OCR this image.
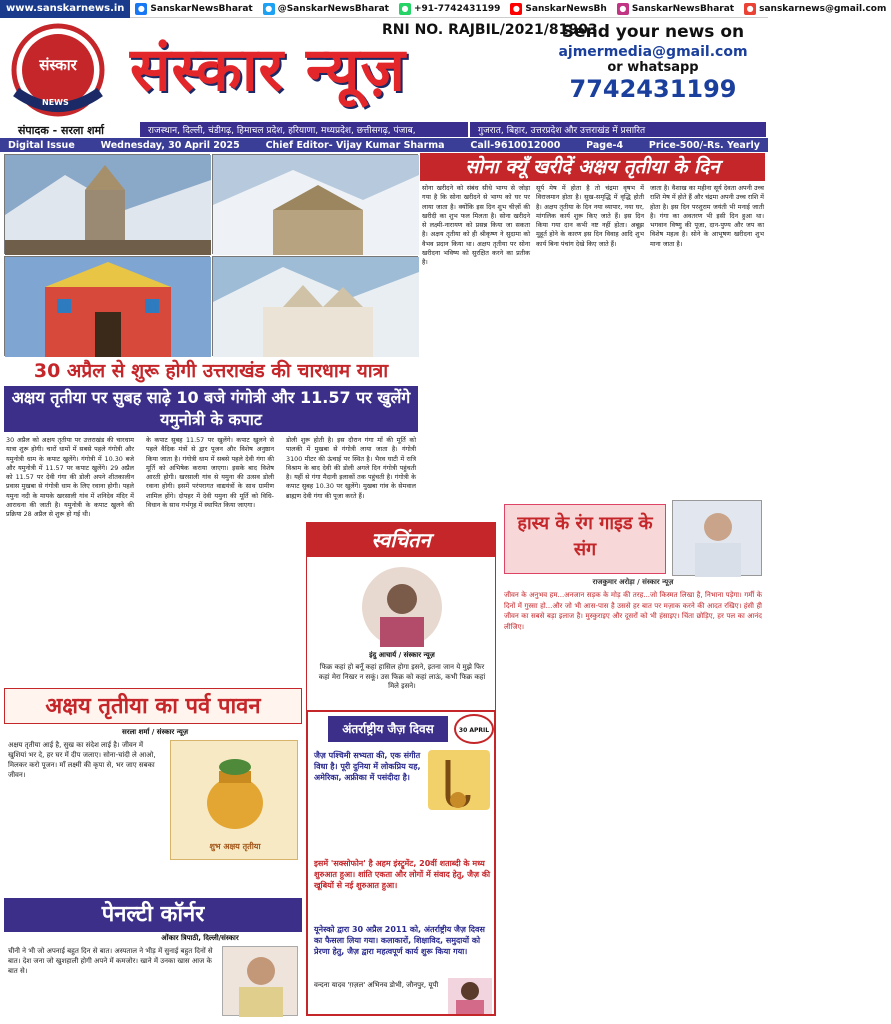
www.sanskarnews.in	● SanskarNewsBharat	● @SanskarNewsBharat	● +91-7742431199	● SanskarNewsBh	● SanskarNewsBharat	● sanskarnews@gmail.com
संस्कार
NEWS संस्कार न्यूज़
RNI NO. RAJBIL/2021/81903
Send your news on
ajmermedia@gmail.com
or whatsapp
7742431199
संपादक - सरला शर्मा	राजस्थान, दिल्ली, चंडीगढ़, हिमाचल प्रदेश, हरियाणा, मध्यप्रदेश, छत्तीसगढ़, पंजाब,	गुजरात, बिहार, उत्तरप्रदेश और उत्तराखंड में प्रसारित
Digital Issue	Wednesday, 30 April 2025	Chief Editor- Vijay Kumar Sharma	Call-9610012000	Page-4	Price-500/-Rs. Yearly
30 अप्रैल से शुरू होगी उत्तराखंड की चारधाम यात्रा
अक्षय तृतीया पर सुबह साढ़े 10 बजे गंगोत्री और 11.57 पर खुलेंगे यमुनोत्री के कपाट
30 अप्रैल को अक्षय तृतीया पर उत्तराखंड की चारधाम यात्रा शुरू होगी। चारों धामों में सबसे पहले गंगोत्री और यमुनोत्री धाम के कपाट खुलेंगे। गंगोत्री में 10.30 बजे और यमुनोत्री में 11.57 पर कपाट खुलेंगे। 29 अप्रैल को 11.57 पर देवी गंगा की डोली अपने शीतकालीन प्रवास मुखबा से गंगोत्री धाम के लिए रवाना होगी। पहले यमुना नदी के मायके खरसाली गांव में शनिदेव मंदिर में आराधना की जाती है। यमुनोत्री के कपाट खुलने की प्रक्रिया 28 अप्रैल से शुरू हो गई थी।
के कपाट सुबह 11.57 पर खुलेंगे। कपाट खुलने से पहले वैदिक मंत्रों से द्वार पूजन और विशेष अनुष्ठान किया जाता है। गंगोत्री धाम में सबसे पहले देवी गंगा की मूर्ति को अभिषेक कराया जाएगा। इसके बाद विशेष आरती होगी। खरसाली गांव से यमुना की उत्सव डोली रवाना होगी। इसमें परंपरागत वाद्ययंत्रों के साथ ग्रामीण शामिल होंगे। दोपहर में देवी यमुना की मूर्ति को विधि-विधान के साथ गर्भगृह में स्थापित किया जाएगा।
डोली शुरू होती है। इस दौरान गंगा माँ की मूर्ति को पालकी में मुखबा से गंगोत्री लाया जाता है। गंगोत्री 3100 मीटर की ऊंचाई पर स्थित है। भैरव घाटी में रात्रि विश्राम के बाद देवी की डोली अगले दिन गंगोत्री पहुंचती है। यहीं से गंगा मैदानी इलाकों तक पहुंचती है। गंगोत्री के कपाट सुबह 10.30 पर खुलेंगे। मुखबा गांव के सेमवाल ब्राह्मण देवी गंगा की पूजा करते हैं।
सोना क्यूँ खरीदें अक्षय तृतीया के दिन
सोना खरीदने को संबंध सीधे भाग्य से जोड़ा गया है कि सोना खरीदने से भाग्य को घर पर लाया जाता है। क्योंकि इस दिन शुभ चीज़ों की खरीदी का शुभ फल मिलता है। सोना खरीदने से लक्ष्मी-नारायण को प्रसन्न किया जा सकता है। अक्षय तृतीया को ही श्रीकृष्ण ने सुदामा को वैभव प्रदान किया था। अक्षय तृतीया पर सोना खरीदना भविष्य को सुरक्षित करने का प्रतीक है।
सूर्य मेष में होता है तो चंद्रमा वृषभ में विराजमान होता है। सुख-समृद्धि में वृद्धि होती है। अक्षय तृतीया के दिन नया व्यापार, नया घर, मांगलिक कार्य शुरू किए जाते हैं। इस दिन किया गया दान कभी नष्ट नहीं होता। अबूझ मुहूर्त होने के कारण इस दिन विवाह आदि शुभ कार्य बिना पंचांग देखे किए जाते हैं।
जाता है। वैशाख का महीना सूर्य देवता अपनी उच्च राशि मेष में होते हैं और चंद्रमा अपनी उच्च राशि में होता है। इस दिन परशुराम जयंती भी मनाई जाती है। गंगा का अवतरण भी इसी दिन हुआ था। भगवान विष्णु की पूजा, दान-पुण्य और जप का विशेष महत्व है। सोने के आभूषण खरीदना शुभ माना जाता है।
हास्य के रंग गाइड के संग
राजकुमार अरोड़ा / संस्कार न्यूज़
जीवन के अनुभव हम...अनजान सड़क के मोड़ की तरह...जो किस्मत लिखा है, निभाना पड़ेगा। गर्मी के दिनों में गुस्सा हो...और जो भी आस-पास है उससे हर बात पर मज़ाक करने की आदत रखिए। हंसी ही जीवन का सबसे बड़ा इलाज है। मुस्कुराइए और दूसरों को भी हंसाइए। चिंता छोड़िए, हर पल का आनंद लीजिए।
स्वचिंतन
इंदु आचार्य / संस्कार न्यूज़
फिक्र कहां हो बनूँ कहां हासिल होगा इसने, इतना जान ये मुझे फिर कहां मेरा निखर न सकूं। उस फिक्र को कहां लाऊं, कभी फिक्र कहां मिले इसने।
अक्षय तृतीया का पर्व पावन
सरला शर्मा / संस्कार न्यूज़
अक्षय तृतीया आई है, सुख का संदेश लाई है। जीवन में खुशियां भर दे, हर घर में दीप जलाए। सोना-चांदी ले आओ, मिलकर करो पूजन। माँ लक्ष्मी की कृपा से, भर जाए सबका जीवन।
शुभ अक्षय तृतीया
पेनल्टी कॉर्नर
ओंकार त्रिपाठी, दिल्ली/संस्कार
चीनी ने भी जो अपनाई बहुत दिन से बात। अस्पताल ने भीड़ में सुनाई बहुत दिनों से बात। देश जना जो खुशहाली होगी अपने में कमजोर। खाने में उनका खास आज के बात से।
अंतर्राष्ट्रीय जैज़ दिवस	30 APRIL
जैज़ पश्चिमी सभ्यता की, एक संगीत विधा है। पूरी दुनिया में लोकप्रिय यह, अमेरिका, अफ्रीका में पसंदीदा है।
इसमें 'सक्सोफोन' है अहम इंस्ट्रूमेंट, 20वीं शताब्दी के मध्य शुरुआत हुआ। शांति एकता और लोगों में संवाद हेतु, जैज़ की खूबियों से नई शुरुआत हुआ।
यूनेस्को द्वारा 30 अप्रैल 2011 को, अंतर्राष्ट्रीय जैज़ दिवस का फैसला लिया गया। कलाकारों, शिक्षाविद, समुदायों को प्रेरणा हेतु, जैज़ द्वारा महत्वपूर्ण कार्य शुरू किया गया।
वन्दना यादव 'ग़ज़ल' अभिनव डोभी, जौनपुर, यूपी
